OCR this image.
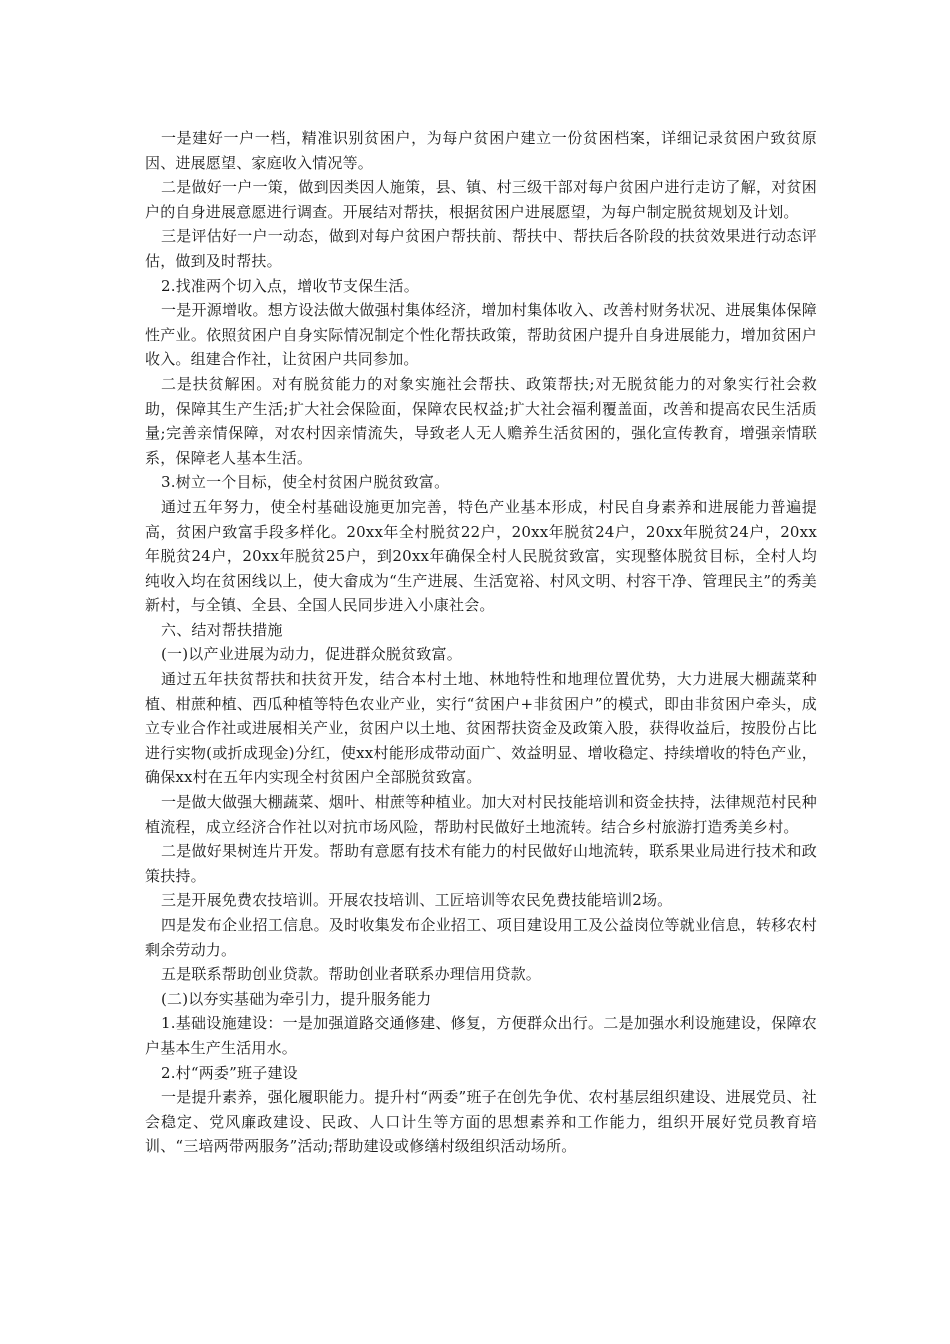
一是建好一户一档，精准识别贫困户，为每户贫困户建立一份贫困档案，详细记录贫困户致贫原因、进展愿望、家庭收入情况等。

二是做好一户一策，做到因类因人施策，县、镇、村三级干部对每户贫困户进行走访了解，对贫困户的自身进展意愿进行调查。开展结对帮扶，根据贫困户进展愿望，为每户制定脱贫规划及计划。

三是评估好一户一动态，做到对每户贫困户帮扶前、帮扶中、帮扶后各阶段的扶贫效果进行动态评估，做到及时帮扶。

2.找准两个切入点，增收节支保生活。

一是开源增收。想方设法做大做强村集体经济，增加村集体收入、改善村财务状况、进展集体保障性产业。依照贫困户自身实际情况制定个性化帮扶政策，帮助贫困户提升自身进展能力，增加贫困户收入。组建合作社，让贫困户共同参加。

二是扶贫解困。对有脱贫能力的对象实施社会帮扶、政策帮扶;对无脱贫能力的对象实行社会救助，保障其生产生活;扩大社会保险面，保障农民权益;扩大社会福利覆盖面，改善和提高农民生活质量;完善亲情保障，对农村因亲情流失，导致老人无人赡养生活贫困的，强化宣传教育，增强亲情联系，保障老人基本生活。

3.树立一个目标，使全村贫困户脱贫致富。

通过五年努力，使全村基础设施更加完善，特色产业基本形成，村民自身素养和进展能力普遍提高，贫困户致富手段多样化。20xx年全村脱贫22户，20xx年脱贫24户，20xx年脱贫24户，20xx年脱贫24户，20xx年脱贫25户，到20xx年确保全村人民脱贫致富，实现整体脱贫目标，全村人均纯收入均在贫困线以上，使大畲成为“生产进展、生活宽裕、村风文明、村容干净、管理民主”的秀美新村，与全镇、全县、全国人民同步进入小康社会。

六、结对帮扶措施

(一)以产业进展为动力，促进群众脱贫致富。

通过五年扶贫帮扶和扶贫开发，结合本村土地、林地特性和地理位置优势，大力进展大棚蔬菜种植、柑蔗种植、西瓜种植等特色农业产业，实行“贫困户+非贫困户”的模式，即由非贫困户牵头，成立专业合作社或进展相关产业，贫困户以土地、贫困帮扶资金及政策入股，获得收益后，按股份占比进行实物(或折成现金)分红，使xx村能形成带动面广、效益明显、增收稳定、持续增收的特色产业，确保xx村在五年内实现全村贫困户全部脱贫致富。

一是做大做强大棚蔬菜、烟叶、柑蔗等种植业。加大对村民技能培训和资金扶持，法律规范村民种植流程，成立经济合作社以对抗市场风险，帮助村民做好土地流转。结合乡村旅游打造秀美乡村。

二是做好果树连片开发。帮助有意愿有技术有能力的村民做好山地流转，联系果业局进行技术和政策扶持。

三是开展免费农技培训。开展农技培训、工匠培训等农民免费技能培训2场。

四是发布企业招工信息。及时收集发布企业招工、项目建设用工及公益岗位等就业信息，转移农村剩余劳动力。

五是联系帮助创业贷款。帮助创业者联系办理信用贷款。

(二)以夯实基础为牵引力，提升服务能力

1.基础设施建设：一是加强道路交通修建、修复，方便群众出行。二是加强水利设施建设，保障农户基本生产生活用水。

2.村“两委”班子建设

一是提升素养，强化履职能力。提升村“两委”班子在创先争优、农村基层组织建设、进展党员、社会稳定、党风廉政建设、民政、人口计生等方面的思想素养和工作能力，组织开展好党员教育培训、“三培两带两服务”活动;帮助建设或修缮村级组织活动场所。
